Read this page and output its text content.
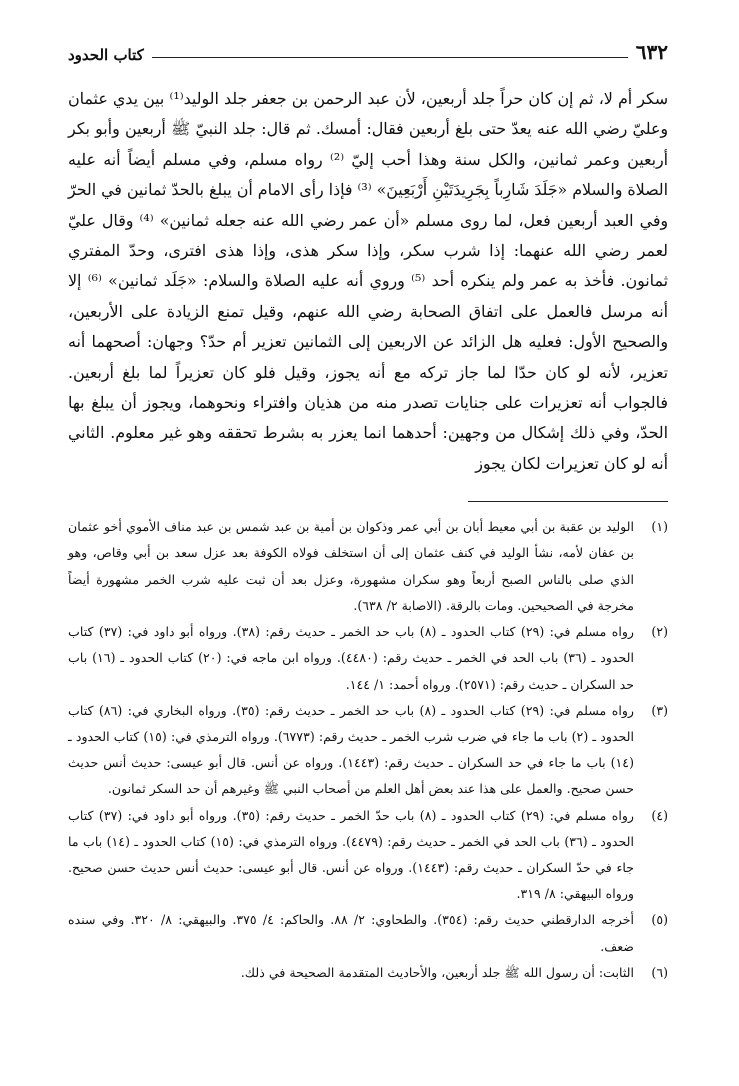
٦٣٢
كتاب الحدود

سكر أم لا، ثم إن كان حراً جلد أربعين، لأن عبد الرحمن بن جعفر جلد الوليد⁽¹⁾ بين يدي عثمان وعليّ رضي الله عنه يعدّ حتى بلغ أربعين فقال: أمسك. ثم قال: جلد النبيّ ﷺ أربعين وأبو بكر أربعين وعمر ثمانين، والكل سنة وهذا أحب إليّ ⁽²⁾ رواه مسلم، وفي مسلم أيضاً أنه عليه الصلاة والسلام «جَلَدَ شَارِباً بِجَرِيدَتَيْنِ أَرْبَعِينَ» ⁽³⁾ فإذا رأى الامام أن يبلغ بالحدّ ثمانين في الحرّ وفي العبد أربعين فعل، لما روى مسلم «أن عمر رضي الله عنه جعله ثمانين» ⁽⁴⁾ وقال عليّ لعمر رضي الله عنهما: إذا شرب سكر، وإذا سكر هذى، وإذا هذى افترى، وحدّ المفتري ثمانون. فأخذ به عمر ولم ينكره أحد ⁽⁵⁾ وروي أنه عليه الصلاة والسلام: «جَلَد ثمانين» ⁽⁶⁾ إلا أنه مرسل فالعمل على اتفاق الصحابة رضي الله عنهم، وقيل تمنع الزيادة على الأربعين، والصحيح الأول: فعليه هل الزائد عن الاربعين إلى الثمانين تعزير أم حدّ؟ وجهان: أصحهما أنه تعزير، لأنه لو كان حدّا لما جاز تركه مع أنه يجوز، وقيل فلو كان تعزيراً لما بلغ أربعين. فالجواب أنه تعزيرات على جنايات تصدر منه من هذيان وافتراء ونحوهما، ويجوز أن يبلغ بها الحدّ، وفي ذلك إشكال من وجهين: أحدهما انما يعزر به بشرط تحققه وهو غير معلوم. الثاني أنه لو كان تعزيرات لكان يجوز

(١)
الوليد بن عقبة بن أبي معيط أبان بن أبي عمر وذكوان بن أمية بن عبد شمس بن عبد مناف الأموي أخو عثمان بن عفان لأمه، نشأ الوليد في كنف عثمان إلى أن استخلف فولاه الكوفة بعد عزل سعد بن أبي وقاص، وهو الذي صلى بالناس الصبح أربعاً وهو سكران مشهورة، وعزل بعد أن ثبت عليه شرب الخمر مشهورة أيضاً مخرجة في الصحيحين. ومات بالرقة. (الاصابة ٢/ ٦٣٨).
(٢)
رواه مسلم في: (٢٩) كتاب الحدود ـ (٨) باب حد الخمر ـ حديث رقم: (٣٨). ورواه أبو داود في: (٣٧) كتاب الحدود ـ (٣٦) باب الحد في الخمر ـ حديث رقم: (٤٤٨٠). ورواه ابن ماجه في: (٢٠) كتاب الحدود ـ (١٦) باب حد السكران ـ حديث رقم: (٢٥٧١). ورواه أحمد: ١/ ١٤٤.
(٣)
رواه مسلم في: (٢٩) كتاب الحدود ـ (٨) باب حد الخمر ـ حديث رقم: (٣٥). ورواه البخاري في: (٨٦) كتاب الحدود ـ (٢) باب ما جاء في ضرب شرب الخمر ـ حديث رقم: (٦٧٧٣). ورواه الترمذي في: (١٥) كتاب الحدود ـ (١٤) باب ما جاء في حد السكران ـ حديث رقم: (١٤٤٣). ورواه عن أنس. قال أبو عيسى: حديث أنس حديث حسن صحيح. والعمل على هذا عند بعض أهل العلم من أصحاب النبي ﷺ وغيرهم أن حد السكر ثمانون.
(٤)
رواه مسلم في: (٢٩) كتاب الحدود ـ (٨) باب حدّ الخمر ـ حديث رقم: (٣٥). ورواه أبو داود في: (٣٧) كتاب الحدود ـ (٣٦) باب الحد في الخمر ـ حديث رقم: (٤٤٧٩). ورواه الترمذي في: (١٥) كتاب الحدود ـ (١٤) باب ما جاء في حدّ السكران ـ حديث رقم: (١٤٤٣). ورواه عن أنس. قال أبو عيسى: حديث أنس حديث حسن صحيح. ورواه البيهقي: ٨/ ٣١٩.
(٥)
أخرجه الدارقطني حديث رقم: (٣٥٤). والطحاوي: ٢/ ٨٨. والحاكم: ٤/ ٣٧٥. والبيهقي: ٨/ ٣٢٠. وفي سنده ضعف.
(٦)
الثابت: أن رسول الله ﷺ جلد أربعين، والأحاديث المتقدمة الصحيحة في ذلك.
